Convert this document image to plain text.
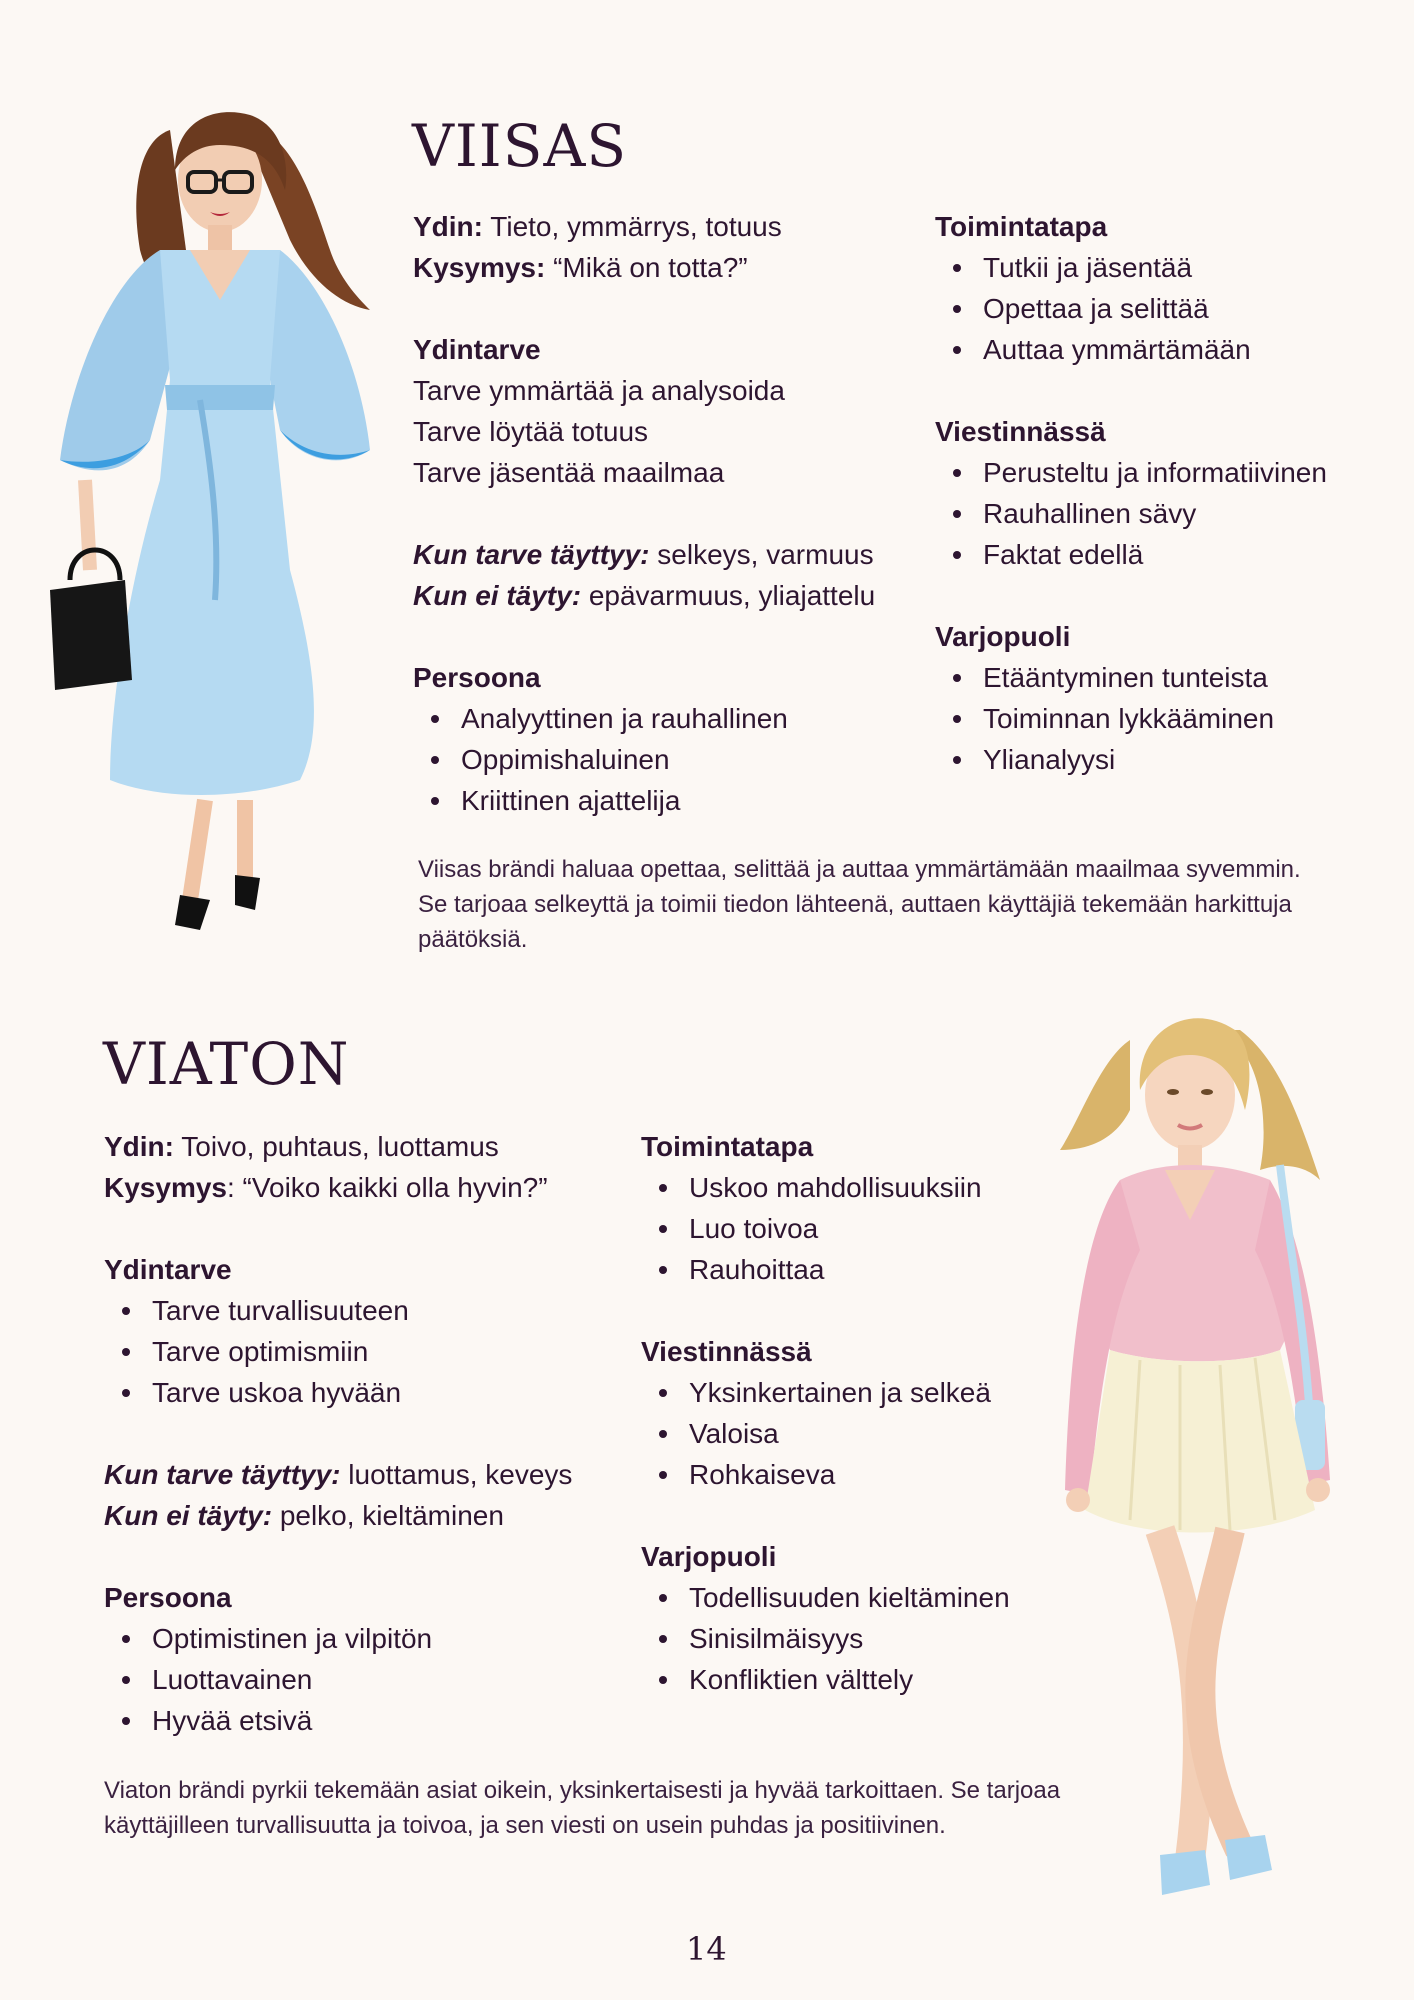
VIISAS

Ydin: Tieto, ymmärrys, totuus

Kysymys: “Mikä on totta?”

Ydintarve

Tarve ymmärtää ja analysoida

Tarve löytää totuus

Tarve jäsentää maailmaa

Kun tarve täyttyy: selkeys, varmuus

Kun ei täyty: epävarmuus, yliajattelu

Persoona

Analyyttinen ja rauhallinen
Oppimishaluinen
Kriittinen ajattelija

Toimintatapa

Tutkii ja jäsentää
Opettaa ja selittää
Auttaa ymmärtämään

Viestinnässä

Perusteltu ja informatiivinen
Rauhallinen sävy
Faktat edellä

Varjopuoli

Etääntyminen tunteista
Toiminnan lykkääminen
Ylianalyysi

Viisas brändi haluaa opettaa, selittää ja auttaa ymmärtämään maailmaa syvemmin. Se tarjoaa selkeyttä ja toimii tiedon lähteenä, auttaen käyttäjiä tekemään harkittuja päätöksiä.

VIATON

Ydin: Toivo, puhtaus, luottamus

Kysymys: “Voiko kaikki olla hyvin?”

Ydintarve

Tarve turvallisuuteen
Tarve optimismiin
Tarve uskoa hyvään

Kun tarve täyttyy: luottamus, keveys

Kun ei täyty: pelko, kieltäminen

Persoona

Optimistinen ja vilpitön
Luottavainen
Hyvää etsivä

Toimintatapa

Uskoo mahdollisuuksiin
Luo toivoa
Rauhoittaa

Viestinnässä

Yksinkertainen ja selkeä
Valoisa
Rohkaiseva

Varjopuoli

Todellisuuden kieltäminen
Sinisilmäisyys
Konfliktien välttely

Viaton brändi pyrkii tekemään asiat oikein, yksinkertaisesti ja hyvää tarkoittaen. Se tarjoaa käyttäjilleen turvallisuutta ja toivoa, ja sen viesti on usein puhdas ja positiivinen.

14
